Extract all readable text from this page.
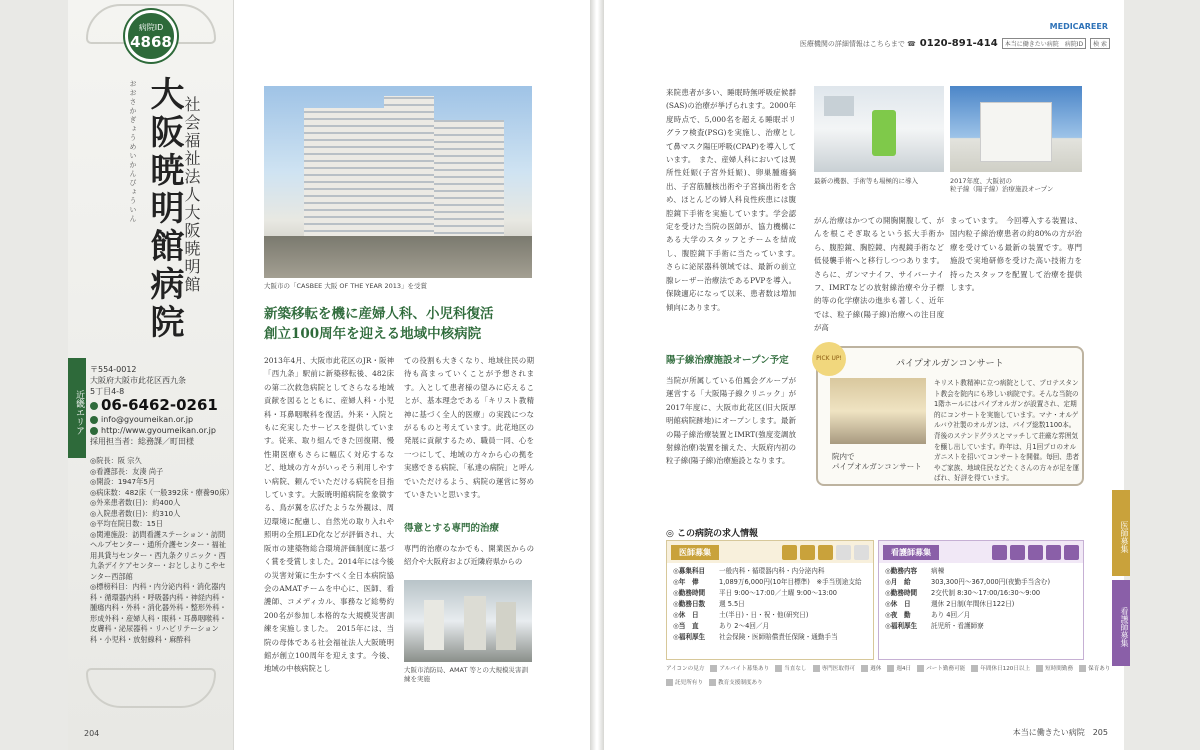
病院ID
4868
おおさかぎょうめいかんびょういん 大阪暁明館病院
社会福祉法人大阪暁明館
近畿エリア
〒554-0012
大阪府大阪市此花区西九条
5丁目4-8
06-6462-0261
info@gyoumeikan.or.jp
http://www.gyoumeikan.or.jp
採用担当者：総務課／町田様
◎院長：阪 宗久
◎看護部長：友湊 尚子
◎開設：1947年5月
◎病床数：482床（一般392床・療養90床）
◎外来患者数(日)：約400人
◎入院患者数(日)：約310人
◎平均在院日数：15日
◎関連施設：訪問看護ステーション・訪問ヘルプセンター・通所介護センター・福祉用具貸与センター・西九条クリニック・西九条デイケアセンター・おとしよりこやセンター西部館
◎標榜科目：内科・内分泌内科・消化器内科・循環器内科・呼吸器内科・神経内科・腫瘍内科・外科・消化器外科・整形外科・形成外科・産婦人科・眼科・耳鼻咽喉科・皮膚科・泌尿器科・リハビリテーション科・小児科・放射線科・麻酔科
204
大阪市の「CASBEE 大阪 OF THE YEAR 2013」を受賞
新築移転を機に産婦人科、小児科復活
創立100周年を迎える地域中核病院
2013年4月、大阪市此花区のJR・阪神「西九条」駅前に新築移転後、482床の第二次救急病院としてさらなる地域貢献を図るとともに、産婦人科・小児科・耳鼻咽喉科を復活。外来・入院ともに充実したサービスを提供しています。従来、取り組んできた回復期、慢性期医療もさらに幅広く対応するなど、地域の方々がいっそう利用しやすい病院、頼んでいただける病院を目指しています。大阪暁明館病院を象徴する、鳥が翼を広げたような外観は、周辺環境に配慮し、自然光の取り入れや照明の全照LED化などが評価され、大阪市の建築物総合環境評価制度に基づく賞を受賞しました。2014年には今後の災害対策に生かすべく全日本病院協会のAMATチームを中心に、医師、看護師、コメディカル、事務など総勢約200名が参加し本格的な大規模災害訓練を実施しました。　2015年には、当院の母体である社会福祉法人大阪暁明館が創立100周年を迎えます。今後、地域の中核病院とし
ての役割も大きくなり、地域住民の期待も高まっていくことが予想されます。入として患者様の望みに応えることが、基本理念である「キリスト教精神に基づく全人的医療」の実践につながるものと考えています。此花地区の発展に貢献するため、職員一同、心を一つにして、地域の方々から心の拠を実感できる病院、「私達の病院」と呼んでいただけるよう、病院の運営に努めていきたいと思います。
得意とする専門的治療
専門的治療のなかでも、開業医からの紹介や大阪府および近隣府県からの
大阪市消防局、AMAT 等との大規模災害訓練を実施
MEDICAREER
医療機関の詳細情報はこちらまで ☎ 0120-891-414	本当に働きたい病院　病院ID	検 索
来院患者が多い、睡眠時無呼吸症候群(SAS)の治療が挙げられます。2000年度時点で、5,000名を超える睡眠ポリグラフ検査(PSG)を実施し、治療として鼻マスク陽圧呼吸(CPAP)を導入しています。　また、産婦人科においては異所性妊娠(子宮外妊娠)、卵巣腫瘍摘出、子宮筋腫核出術や子宮摘出術を含め、ほとんどの婦人科良性疾患には腹腔鏡下手術を実施しています。学会認定を受けた当院の医師が、協力機構にある大学のスタッフとチームを結成し、腹腔鏡下手術に当たっています。　さらに泌尿器科領域では、最新の前立腺レーザー治療法であるPVPを導入。保険適応になって以来、患者数は増加傾向にあります。
陽子線治療施設オープン予定
当院が所属している伯鳳会グループが運営する「大阪陽子線クリニック」が2017年度に、大阪市此花区(旧大阪厚明館病院跡地)にオープンします。最新の陽子線治療装置とIMRT(強度変調放射線治療)装置を揃えた、大阪府内初の粒子線(陽子線)治療施設となります。
最新の機器、手術等も場極的に導入	2017年度、大阪初の
粒子線（陽子線）治療施設オープン
がん治療はかつての開胸開腹して、がんを根こそぎ取るという拡大手術から、腹腔鏡、胸腔鏡、内視鏡手術など低侵襲手術へと移行しつつあります。さらに、ガンマナイフ、サイバーナイフ、IMRTなどの放射線治療や分子標的等の化学療法の進歩も著しく、近年では、粒子線(陽子線)治療への注目度が高
まっています。　今回導入する装置は、国内粒子線治療患者の約80%の方が治療を受けている最新の装置です。専門施設で実地研修を受けた高い技術力を持ったスタッフを配置して治療を提供します。
PICK UP!
パイプオルガンコンサート
キリスト教精神に立つ病院として、プロテスタント教会を院内にも珍しい病院です。そんな当院の1階ホールにはパイプオルガンが設置され、定期的にコンサートを実施しています。マナ・オルゲルバウ社製のオルガンは、パイプ総数1100本。背後のステンドグラスとマッチして荘厳な雰囲気を醸し出しています。昨年は、月1回プロのオルガニストを招いてコンサートを開催。毎回、患者やご家族、地域住民などたくさんの方々が足を運ばれ、好評を得ています。
院内で
パイプオルガンコンサート
◎ この病院の求人情報
医師募集
◎募集科目 一般内科・循環器内科・内分泌内科
◎年　俸	1,089万6,000円(10年目標準)　※手当別途支給
◎勤務時間 平日 9:00〜17:00／土曜 9:00〜13:00
◎勤務日数 週 5.5日
◎休　日	土(半日)・日・祝・他(研究日)
◎当　直	あり 2〜4回／月
◎福利厚生 社会保険・医師賠償責任保険・通勤手当
看護師募集
◎勤務内容 病棟
◎月　給	303,300円〜367,000円(夜勤手当含む)
◎勤務時間 2交代制 8:30〜17:00/16:30〜9:00
◎休　日	週休 2日制(年間休日122日)
◎夜　勤	あり 4回／月
◎福利厚生 託児所・看護師寮
アイコンの見方	アルバイト募集あり	当直なし	専門医取得可	週休	週4日	パート勤務可能	年間休日120日以上	短時間勤務	保育あり
託児所有り	教育支援制度あり
本当に働きたい病院　205
医師募集
看護師募集
